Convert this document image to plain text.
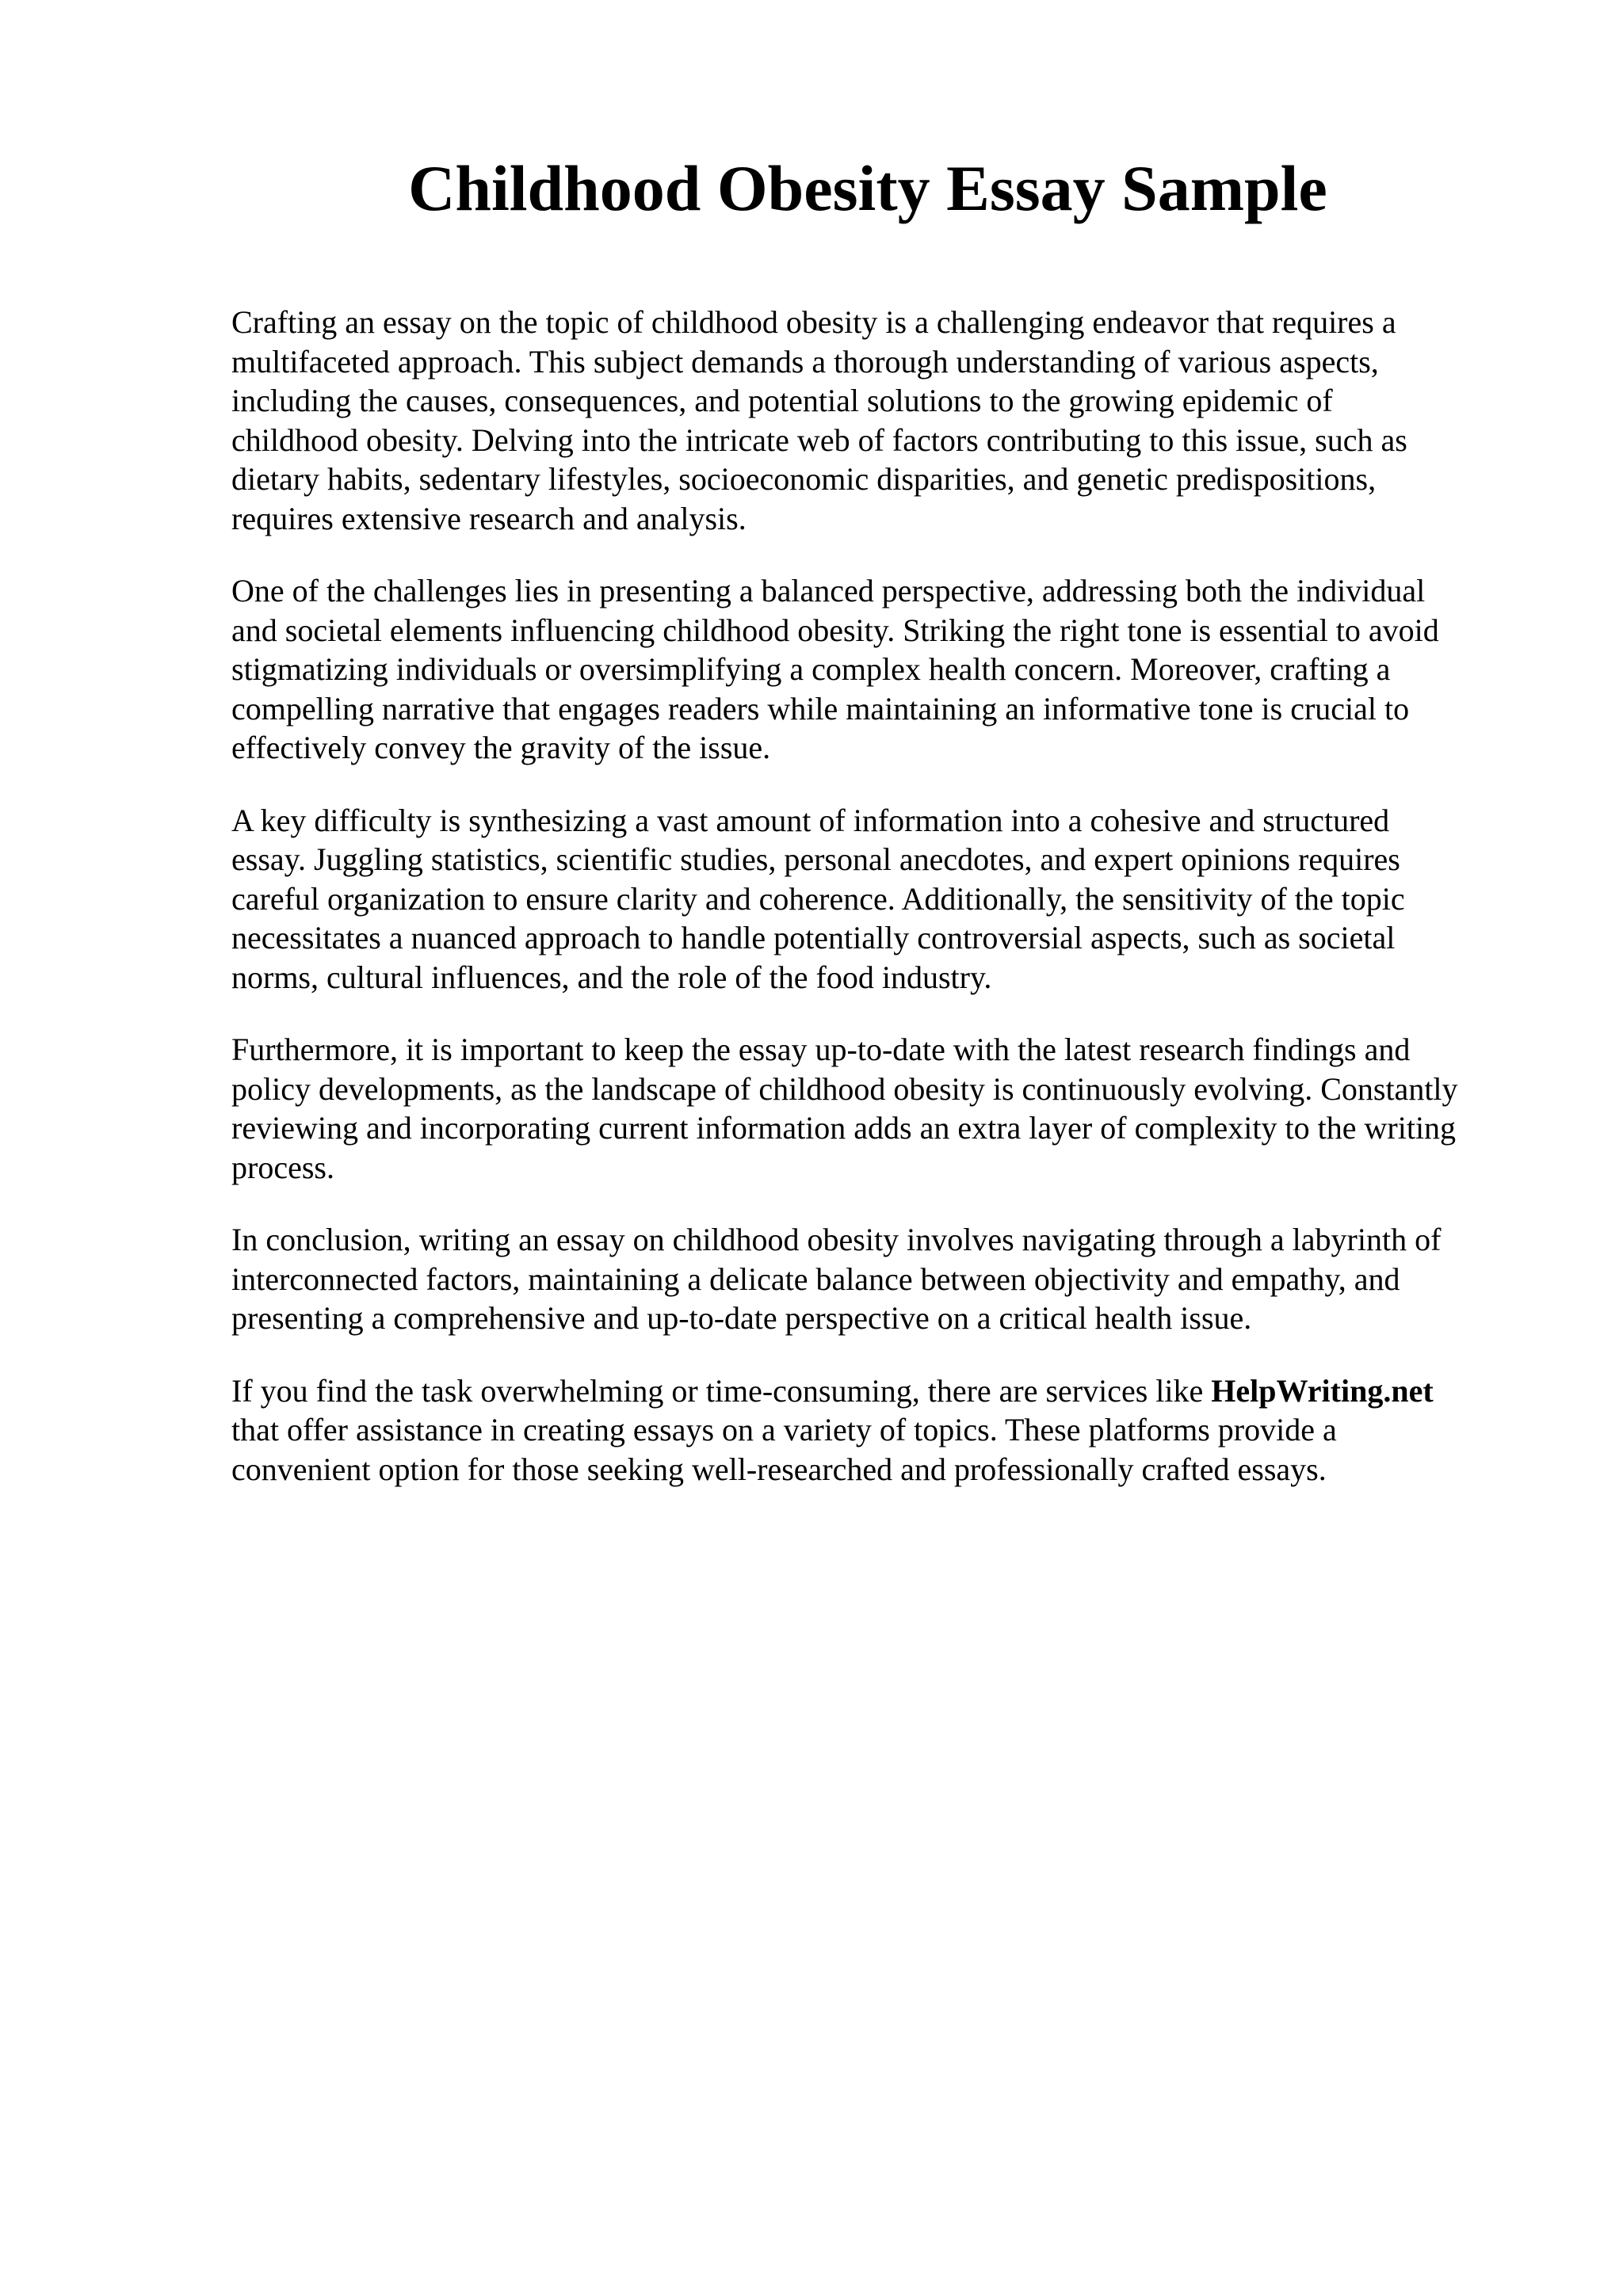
Childhood Obesity Essay Sample

Crafting an essay on the topic of childhood obesity is a challenging endeavor that requires a
multifaceted approach. This subject demands a thorough understanding of various aspects,
including the causes, consequences, and potential solutions to the growing epidemic of
childhood obesity. Delving into the intricate web of factors contributing to this issue, such as
dietary habits, sedentary lifestyles, socioeconomic disparities, and genetic predispositions,
requires extensive research and analysis.

One of the challenges lies in presenting a balanced perspective, addressing both the individual
and societal elements influencing childhood obesity. Striking the right tone is essential to avoid
stigmatizing individuals or oversimplifying a complex health concern. Moreover, crafting a
compelling narrative that engages readers while maintaining an informative tone is crucial to
effectively convey the gravity of the issue.

A key difficulty is synthesizing a vast amount of information into a cohesive and structured
essay. Juggling statistics, scientific studies, personal anecdotes, and expert opinions requires
careful organization to ensure clarity and coherence. Additionally, the sensitivity of the topic
necessitates a nuanced approach to handle potentially controversial aspects, such as societal
norms, cultural influences, and the role of the food industry.

Furthermore, it is important to keep the essay up-to-date with the latest research findings and
policy developments, as the landscape of childhood obesity is continuously evolving. Constantly
reviewing and incorporating current information adds an extra layer of complexity to the writing
process.

In conclusion, writing an essay on childhood obesity involves navigating through a labyrinth of
interconnected factors, maintaining a delicate balance between objectivity and empathy, and
presenting a comprehensive and up-to-date perspective on a critical health issue.

If you find the task overwhelming or time-consuming, there are services like HelpWriting.net
that offer assistance in creating essays on a variety of topics. These platforms provide a
convenient option for those seeking well-researched and professionally crafted essays.
